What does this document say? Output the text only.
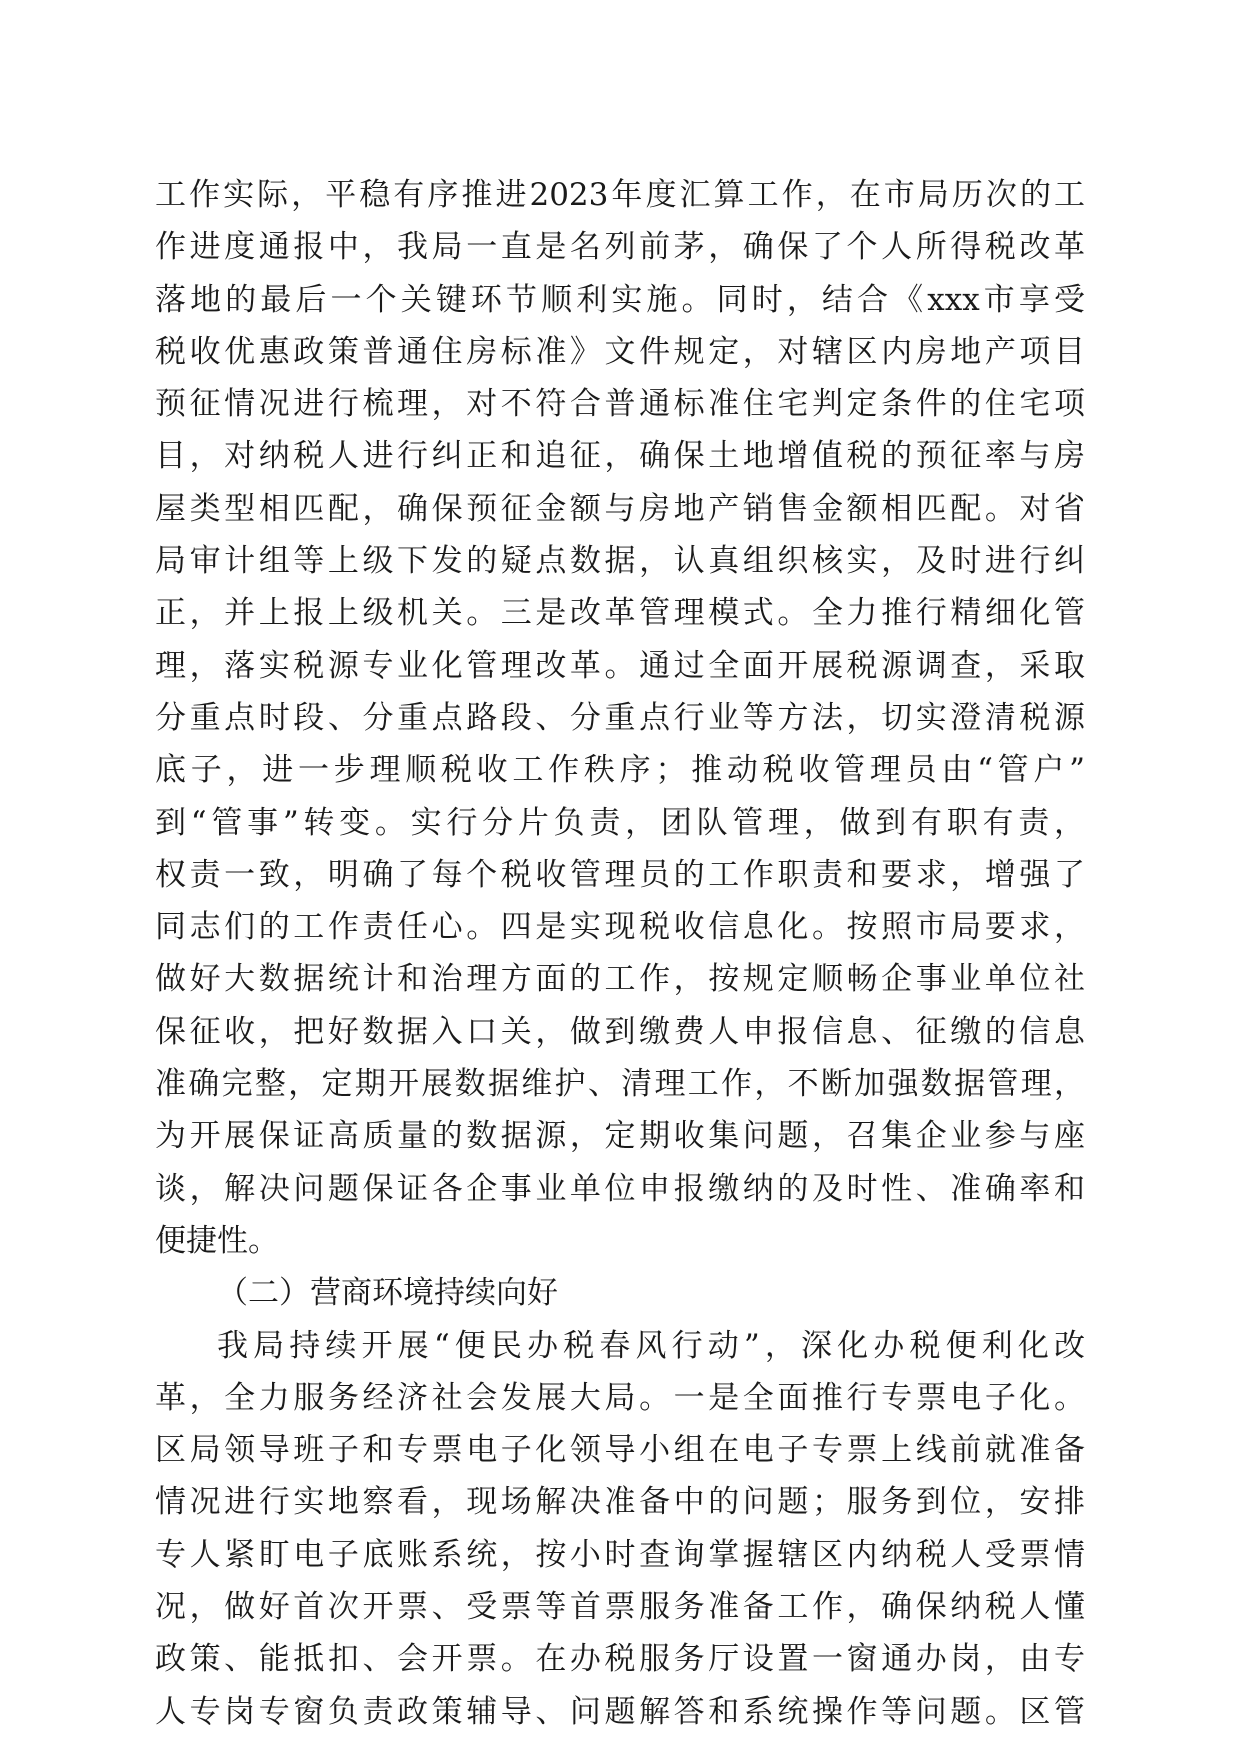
工作实际，平稳有序推进2023年度汇算工作，在市局历次的工
作进度通报中，我局一直是名列前茅，确保了个人所得税改革
落地的最后一个关键环节顺利实施。同时，结合《xxx市享受
税收优惠政策普通住房标准》文件规定，对辖区内房地产项目
预征情况进行梳理，对不符合普通标准住宅判定条件的住宅项
目，对纳税人进行纠正和追征，确保土地增值税的预征率与房
屋类型相匹配，确保预征金额与房地产销售金额相匹配。对省
局审计组等上级下发的疑点数据，认真组织核实，及时进行纠
正，并上报上级机关。三是改革管理模式。全力推行精细化管
理，落实税源专业化管理改革。通过全面开展税源调查，采取
分重点时段、分重点路段、分重点行业等方法，切实澄清税源
底子，进一步理顺税收工作秩序；推动税收管理员由“管户”
到“管事”转变。实行分片负责，团队管理，做到有职有责，
权责一致，明确了每个税收管理员的工作职责和要求，增强了
同志们的工作责任心。四是实现税收信息化。按照市局要求，
做好大数据统计和治理方面的工作，按规定顺畅企事业单位社
保征收，把好数据入口关，做到缴费人申报信息、征缴的信息
准确完整，定期开展数据维护、清理工作，不断加强数据管理，
为开展保证高质量的数据源，定期收集问题，召集企业参与座
谈，解决问题保证各企事业单位申报缴纳的及时性、准确率和
便捷性。
（二）营商环境持续向好
我局持续开展“便民办税春风行动”，深化办税便利化改
革，全力服务经济社会发展大局。一是全面推行专票电子化。
区局领导班子和专票电子化领导小组在电子专票上线前就准备
情况进行实地察看，现场解决准备中的问题；服务到位，安排
专人紧盯电子底账系统，按小时查询掌握辖区内纳税人受票情
况，做好首次开票、受票等首票服务准备工作，确保纳税人懂
政策、能抵扣、会开票。在办税服务厅设置一窗通办岗，由专
人专岗专窗负责政策辅导、问题解答和系统操作等问题。区管
